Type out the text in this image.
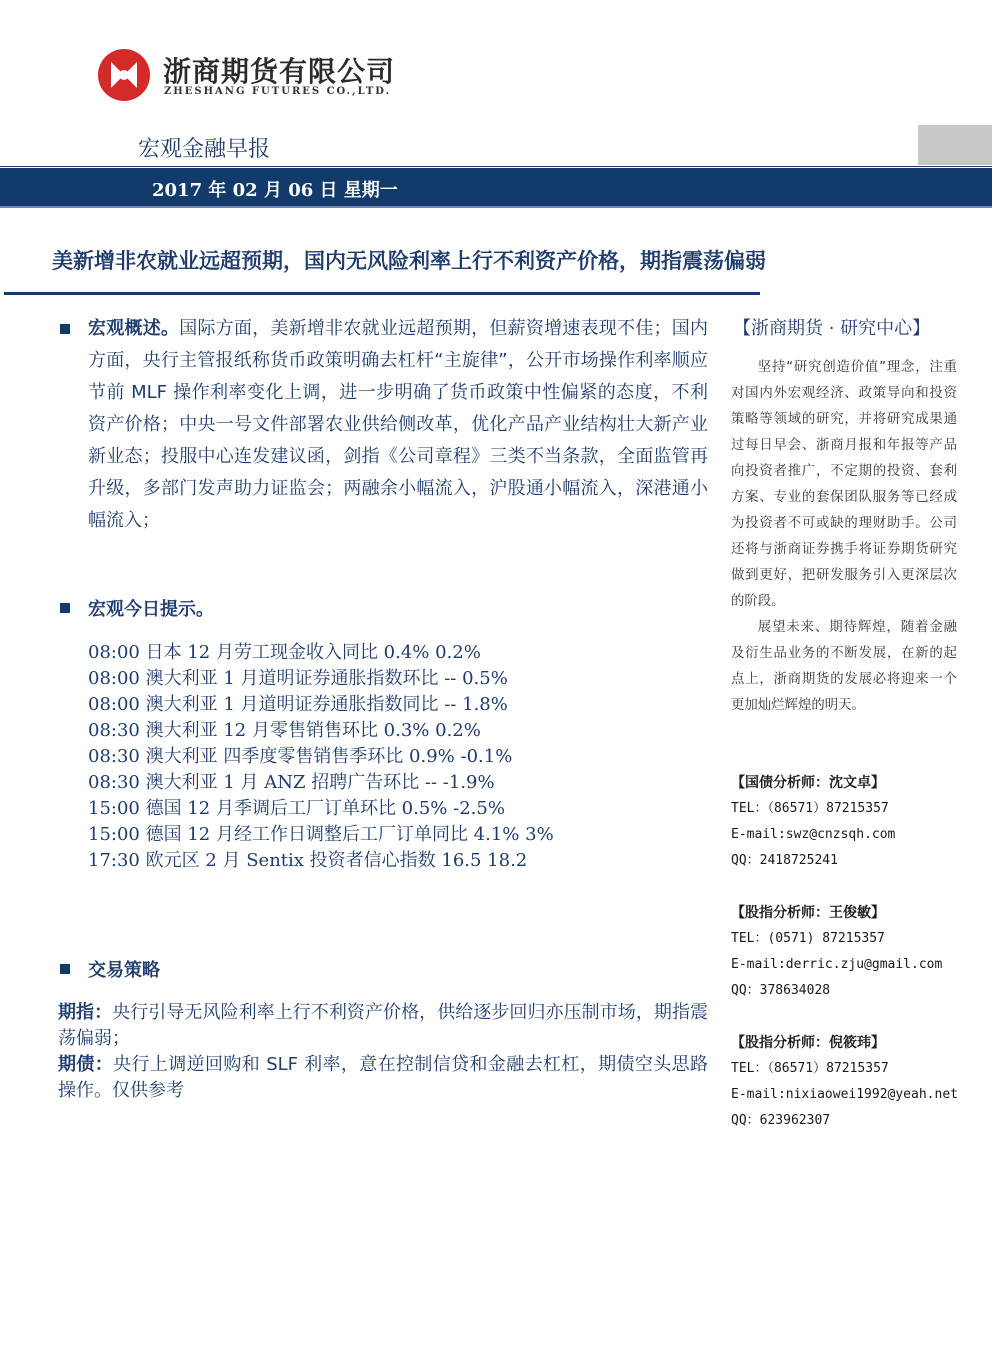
浙商期货有限公司
ZHESHANG FUTURES CO.,LTD.
宏观金融早报
2017 年 02 月 06 日 星期一
美新增非农就业远超预期，国内无风险利率上行不利资产价格，期指震荡偏弱
宏观概述。国际方面，美新增非农就业远超预期，但薪资增速表现不佳；国内方面，央行主管报纸称货币政策明确去杠杆“主旋律”，公开市场操作利率顺应节前 MLF 操作利率变化上调，进一步明确了货币政策中性偏紧的态度，不利资产价格；中央一号文件部署农业供给侧改革，优化产品产业结构壮大新产业新业态；投服中心连发建议函，剑指《公司章程》三类不当条款，全面监管再升级，多部门发声助力证监会；两融余小幅流入，沪股通小幅流入，深港通小幅流入；
宏观今日提示。
08:00 日本 12 月劳工现金收入同比 0.4% 0.2%
08:00 澳大利亚 1 月道明证券通胀指数环比 -- 0.5%
08:00 澳大利亚 1 月道明证券通胀指数同比 -- 1.8%
08:30 澳大利亚 12 月零售销售环比 0.3% 0.2%
08:30 澳大利亚 四季度零售销售季环比 0.9% -0.1%
08:30 澳大利亚 1 月 ANZ 招聘广告环比 -- -1.9%
15:00 德国 12 月季调后工厂订单环比 0.5% -2.5%
15:00 德国 12 月经工作日调整后工厂订单同比 4.1% 3%
17:30 欧元区 2 月 Sentix 投资者信心指数 16.5 18.2
交易策略

期指：央行引导无风险利率上行不利资产价格，供给逐步回归亦压制市场，期指震荡偏弱；

期债：央行上调逆回购和 SLF 利率，意在控制信贷和金融去杠杠，期债空头思路操作。仅供参考

【浙商期货 · 研究中心】

坚持“研究创造价值”理念，注重对国内外宏观经济、政策导向和投资策略等领域的研究，并将研究成果通过每日早会、浙商月报和年报等产品向投资者推广，不定期的投资、套利方案、专业的套保团队服务等已经成为投资者不可或缺的理财助手。公司还将与浙商证券携手将证券期货研究做到更好，把研发服务引入更深层次的阶段。

展望未来、期待辉煌，随着金融及衍生品业务的不断发展，在新的起点上，浙商期货的发展必将迎来一个更加灿烂辉煌的明天。

【国债分析师：沈文卓】
TEL：（86571）87215357
E-mail:swz@cnzsqh.com
QQ：2418725241
【股指分析师：王俊敏】
TEL：(0571) 87215357
E-mail:derric.zju@gmail.com
QQ：378634028
【股指分析师：倪筱玮】
TEL：（86571）87215357
E-mail:nixiaowei1992@yeah.net
QQ：623962307
